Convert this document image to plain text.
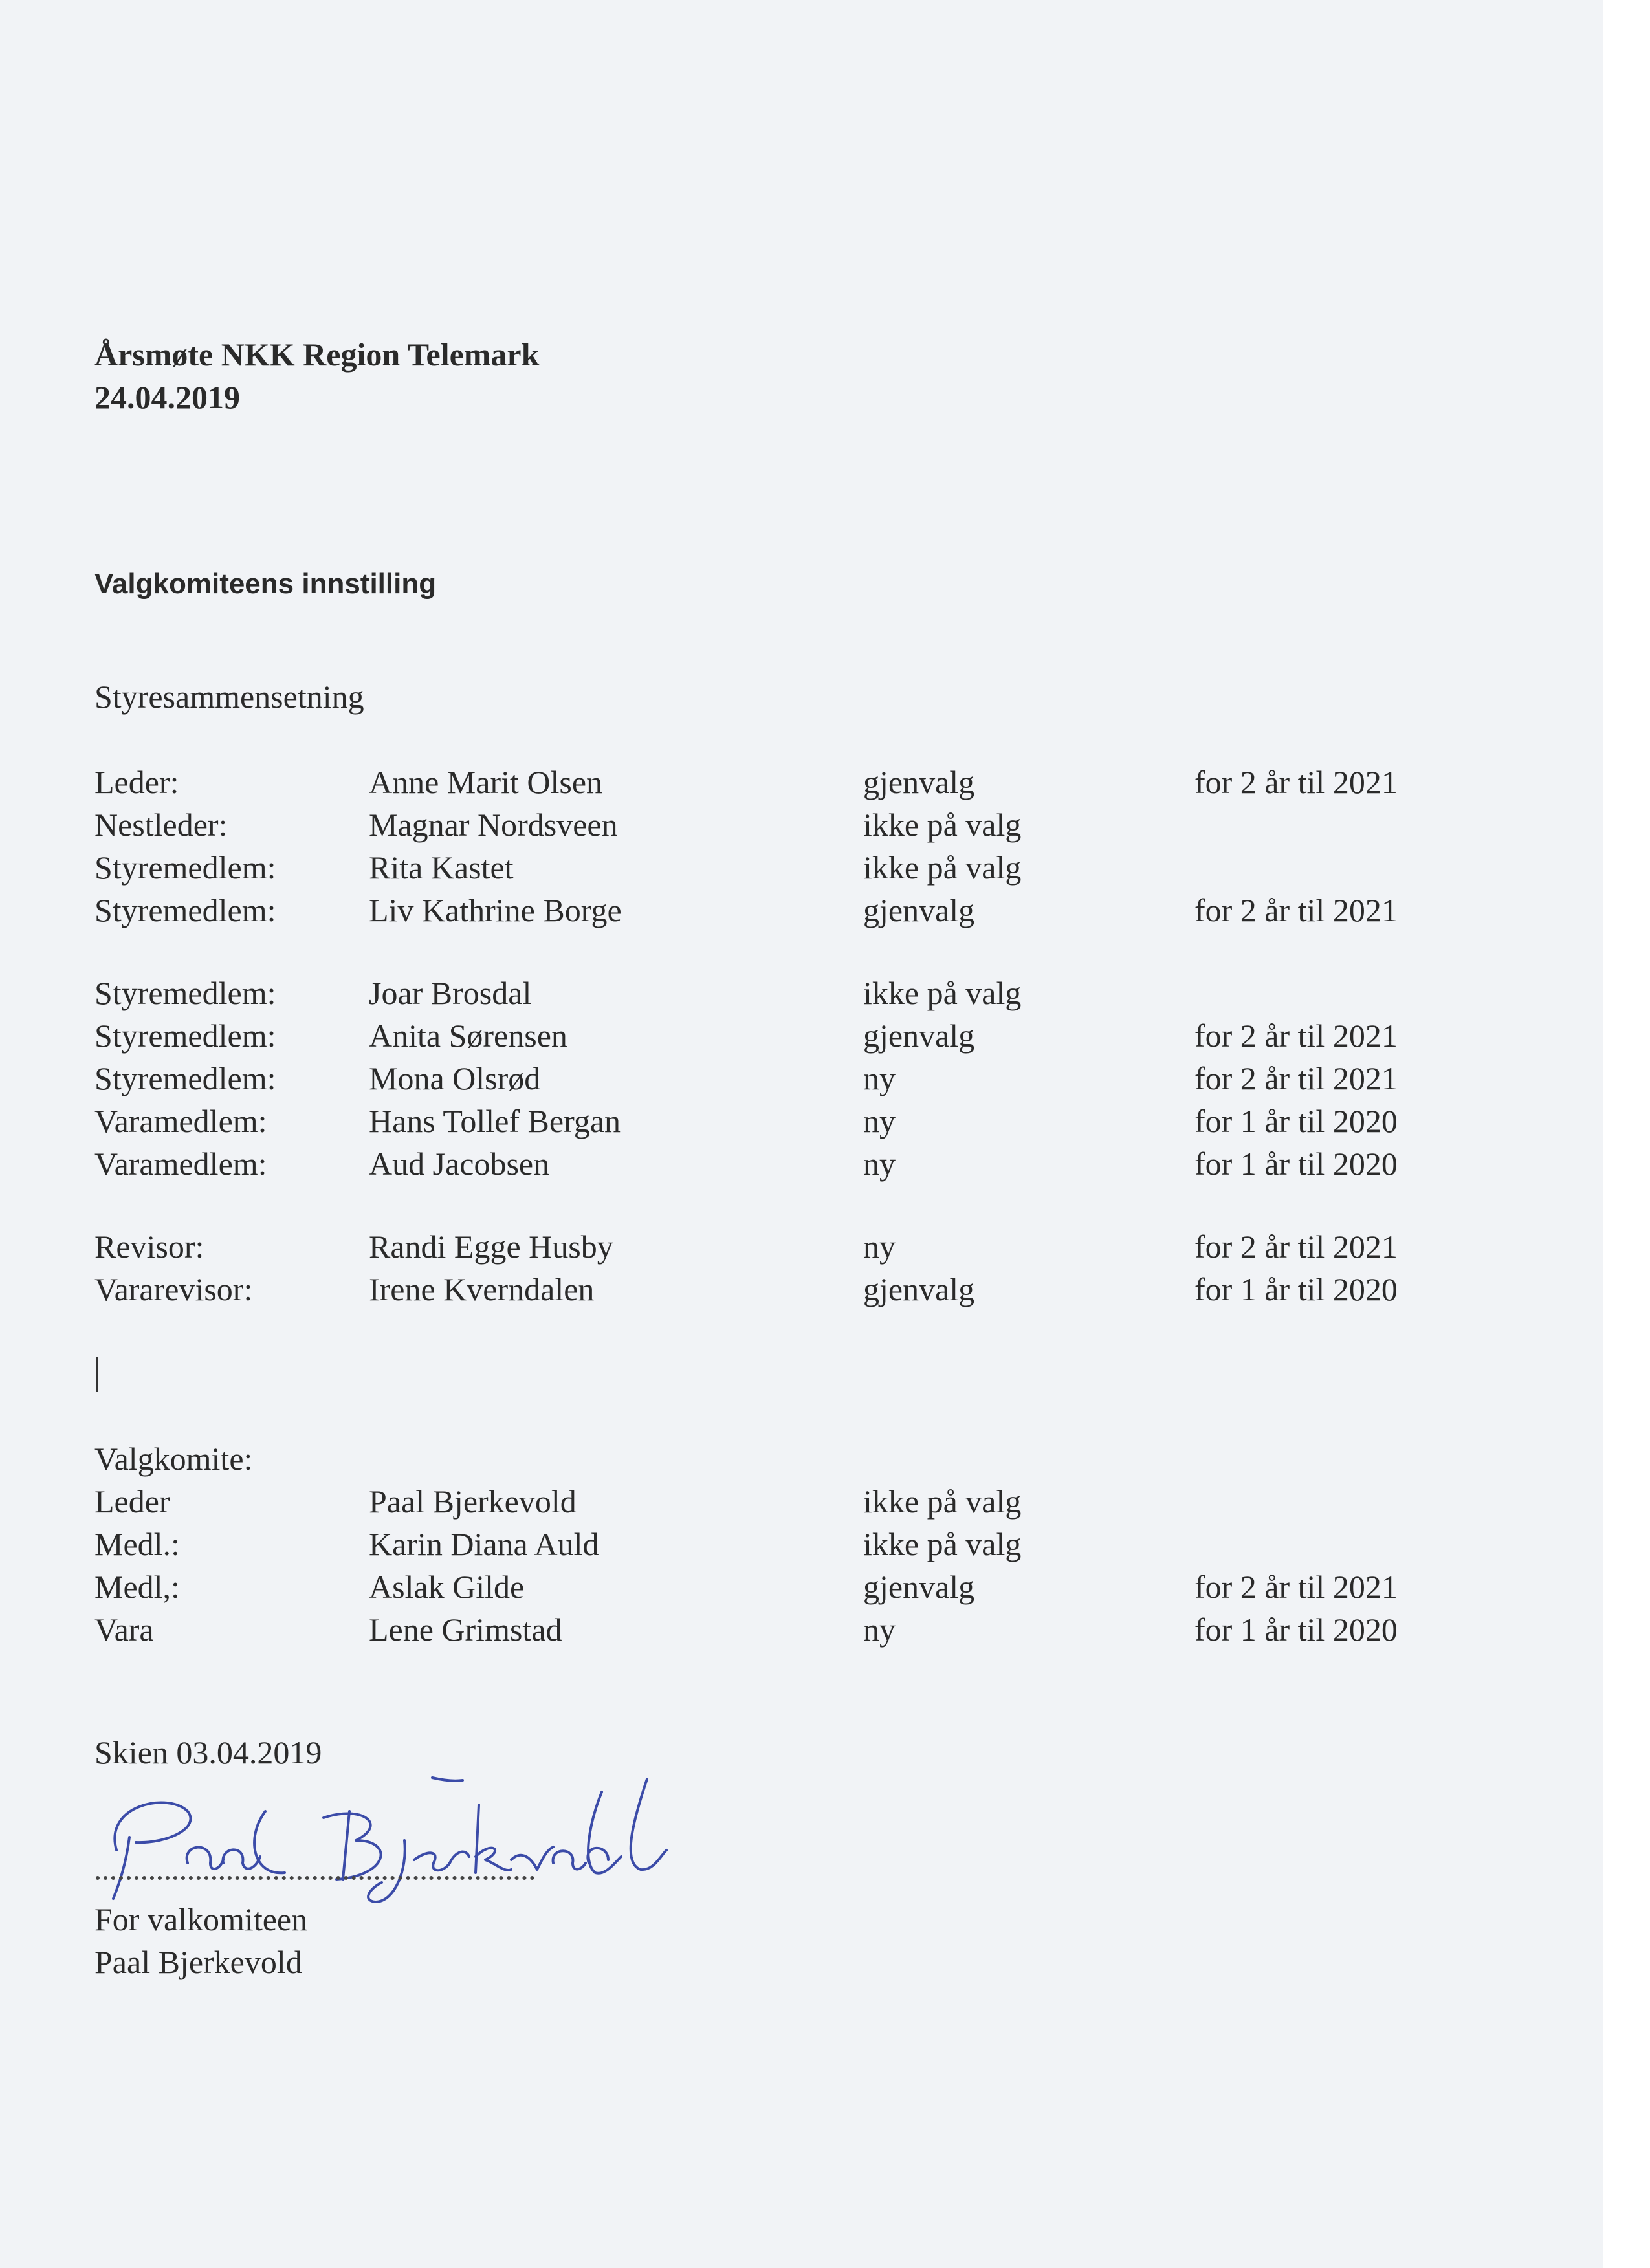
Årsmøte NKK Region Telemark
24.04.2019
Valgkomiteens innstilling
Styresammensetning
Leder:	Anne Marit Olsen	gjenvalg	for 2 år til 2021
Nestleder:	Magnar Nordsveen	ikke på valg
Styremedlem:	Rita Kastet	ikke på valg
Styremedlem:	Liv Kathrine Borge	gjenvalg	for 2 år til 2021
Styremedlem:	Joar Brosdal	ikke på valg
Styremedlem:	Anita Sørensen	gjenvalg	for 2 år til 2021
Styremedlem:	Mona Olsrød	ny	for 2 år til 2021
Varamedlem:	Hans Tollef Bergan	ny	for 1 år til 2020
Varamedlem:	Aud Jacobsen	ny	for 1 år til 2020
Revisor:	Randi Egge Husby	ny	for 2 år til 2021
Vararevisor:	Irene Kverndalen	gjenvalg	for 1 år til 2020
Valgkomite:
Leder	Paal Bjerkevold	ikke på valg
Medl.:	Karin Diana Auld	ikke på valg
Medl,:	Aslak Gilde	gjenvalg	for 2 år til 2021
Vara	Lene Grimstad	ny	for 1 år til 2020
Skien 03.04.2019
For valkomiteen
Paal Bjerkevold
